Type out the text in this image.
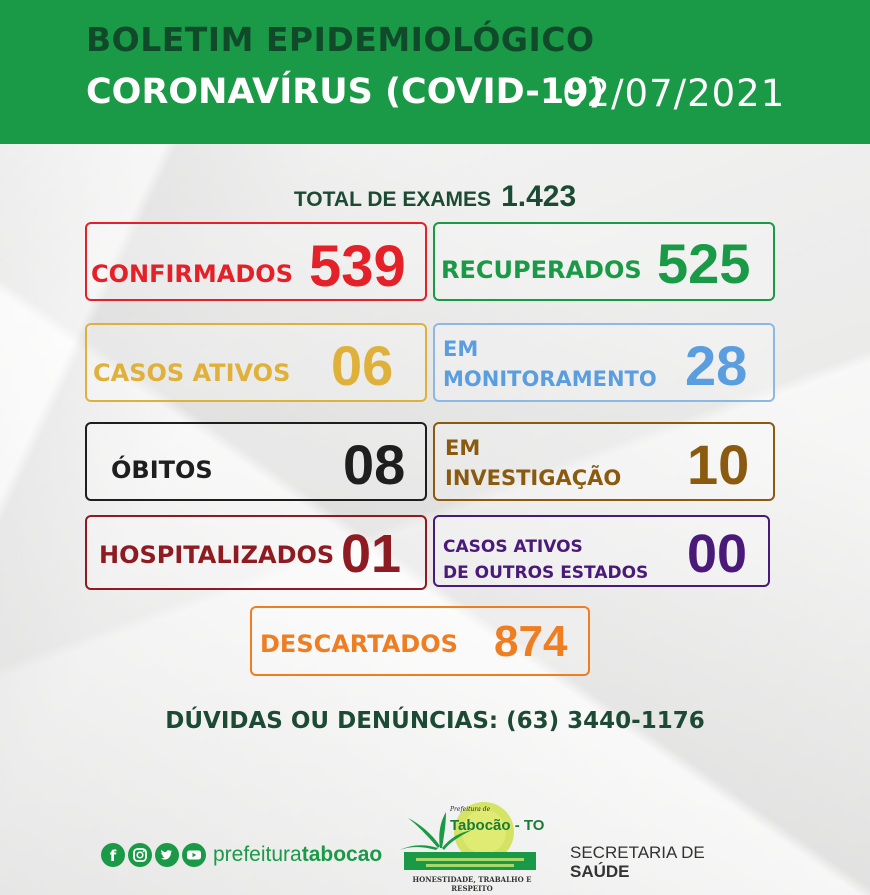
BOLETIM EPIDEMIOLÓGICO
CORONAVÍRUS (COVID-19)
02/07/2021
TOTAL DE EXAMES 1.423
CONFIRMADOS 539 RECUPERADOS 525
CASOS ATIVOS 06 EM
MONITORAMENTO 28
ÓBITOS 08 EM
INVESTIGAÇÃO 10
HOSPITALIZADOS 01 CASOS ATIVOS
DE OUTROS ESTADOS 00
DESCARTADOS 874
DÚVIDAS OU DENÚNCIAS: (63) 3440-1176
f	prefeituratabocao
Prefeitura de
Tabocão - TO
HONESTIDADE, TRABALHO E RESPEITO
SECRETARIA DE
SAÚDE
